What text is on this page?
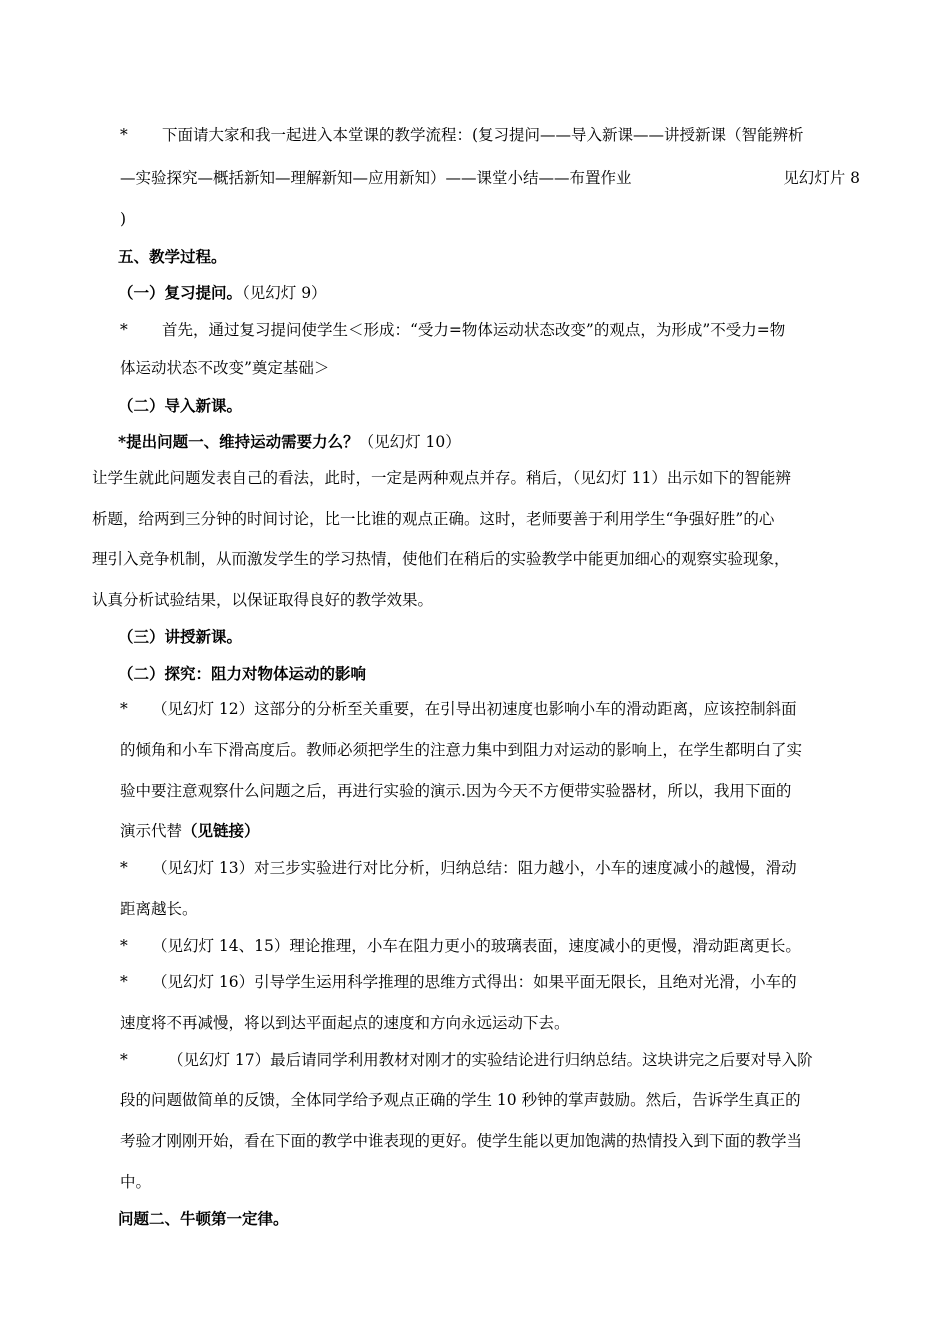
* 下面请大家和我一起进入本堂课的教学流程：(复习提问——导入新课——讲授新课（智能辨析
—实验探究—概括新知—理解新知—应用新知）——课堂小结——布置作业	见幻灯片 8
)
五、教学过程。
（一）复习提问。（见幻灯 9）
* 首先，通过复习提问使学生＜形成：“受力=物体运动状态改变”的观点，为形成”不受力=物
体运动状态不改变”奠定基础＞
（二）导入新课。
*提出问题一、维持运动需要力么？（见幻灯 10）
让学生就此问题发表自己的看法，此时，一定是两种观点并存。稍后，（见幻灯 11）出示如下的智能辨
析题，给两到三分钟的时间讨论，比一比谁的观点正确。这时，老师要善于利用学生“争强好胜”的心
理引入竞争机制，从而激发学生的学习热情，使他们在稍后的实验教学中能更加细心的观察实验现象，
认真分析试验结果，以保证取得良好的教学效果。
（三）讲授新课。
（二）探究：阻力对物体运动的影响
* （见幻灯 12）这部分的分析至关重要，在引导出初速度也影响小车的滑动距离，应该控制斜面
的倾角和小车下滑高度后。教师必须把学生的注意力集中到阻力对运动的影响上，在学生都明白了实
验中要注意观察什么问题之后，再进行实验的演示.因为今天不方便带实验器材，所以，我用下面的
演示代替（见链接）
* （见幻灯 13）对三步实验进行对比分析，归纳总结：阻力越小，小车的速度减小的越慢，滑动
距离越长。
* （见幻灯 14、15）理论推理，小车在阻力更小的玻璃表面，速度减小的更慢，滑动距离更长。
* （见幻灯 16）引导学生运用科学推理的思维方式得出：如果平面无限长，且绝对光滑，小车的
速度将不再减慢，将以到达平面起点的速度和方向永远运动下去。
*	（见幻灯 17）最后请同学利用教材对刚才的实验结论进行归纳总结。这块讲完之后要对导入阶
段的问题做简单的反馈，全体同学给予观点正确的学生 10 秒钟的掌声鼓励。然后，告诉学生真正的
考验才刚刚开始，看在下面的教学中谁表现的更好。使学生能以更加饱满的热情投入到下面的教学当
中。
问题二、牛顿第一定律。
